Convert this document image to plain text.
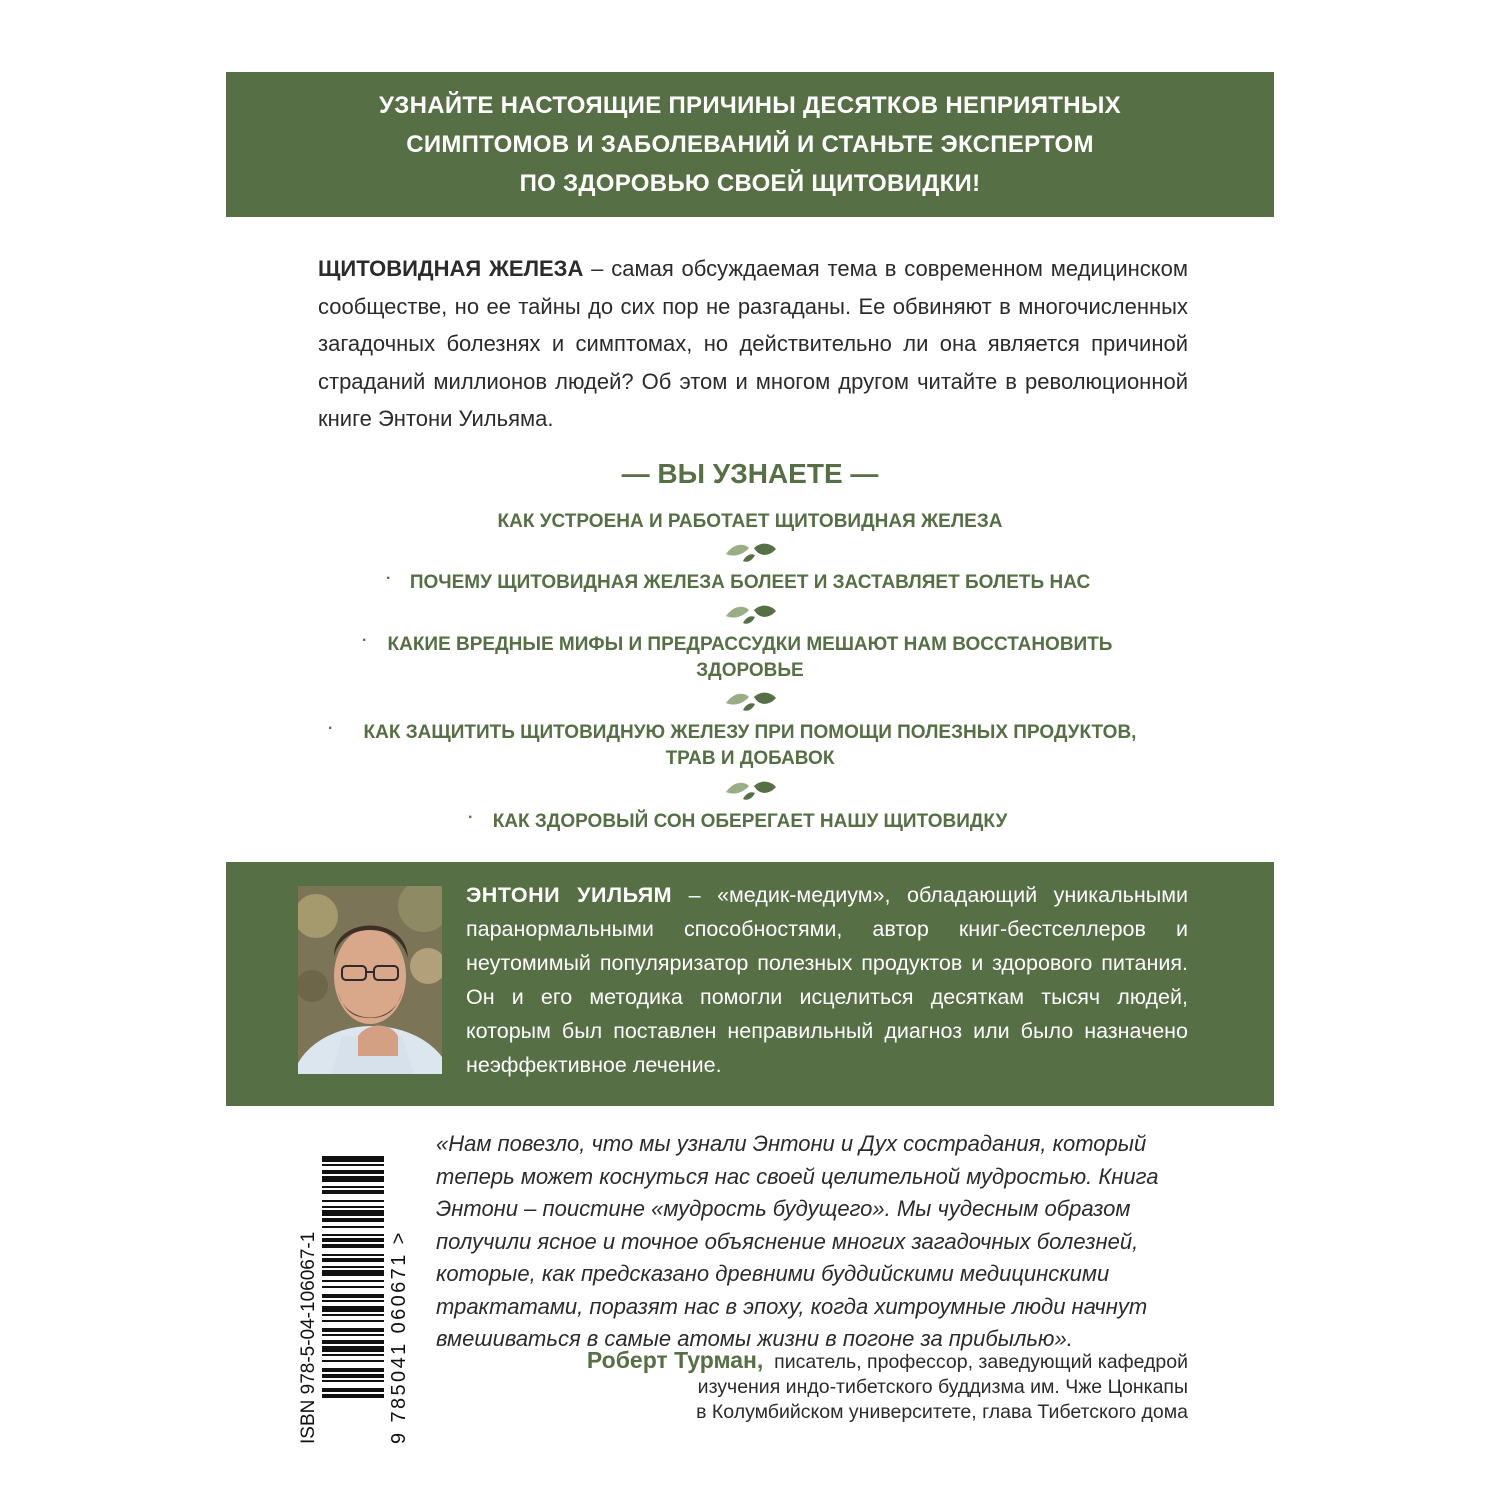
УЗНАЙТЕ НАСТОЯЩИЕ ПРИЧИНЫ ДЕСЯТКОВ НЕПРИЯТНЫХ
СИМПТОМОВ И ЗАБОЛЕВАНИЙ И СТАНЬТЕ ЭКСПЕРТОМ
ПО ЗДОРОВЬЮ СВОЕЙ ЩИТОВИДКИ!
ЩИТОВИДНАЯ ЖЕЛЕЗА – самая обсуждаемая тема в современном медицинском сообществе, но ее тайны до сих пор не разгаданы. Ее обвиняют в многочисленных загадочных болезнях и симптомах, но действительно ли она является причиной страданий миллионов людей? Об этом и многом другом читайте в революционной книге Энтони Уильяма.
— ВЫ УЗНАЕТЕ —
КАК УСТРОЕНА И РАБОТАЕТ ЩИТОВИДНАЯ ЖЕЛЕЗА
· ПОЧЕМУ ЩИТОВИДНАЯ ЖЕЛЕЗА БОЛЕЕТ И ЗАСТАВЛЯЕТ БОЛЕТЬ НАС
·	КАКИЕ ВРЕДНЫЕ МИФЫ И ПРЕДРАССУДКИ МЕШАЮТ НАМ ВОССТАНОВИТЬ
ЗДОРОВЬЕ
·	КАК ЗАЩИТИТЬ ЩИТОВИДНУЮ ЖЕЛЕЗУ ПРИ ПОМОЩИ ПОЛЕЗНЫХ ПРОДУКТОВ,
ТРАВ И ДОБАВОК
·	КАК ЗДОРОВЫЙ СОН ОБЕРЕГАЕТ НАШУ ЩИТОВИДКУ
ЭНТОНИ УИЛЬЯМ – «медик-медиум», обладающий уникальными паранормальными способностями, автор книг-бестселлеров и неутомимый популяризатор полезных продуктов и здорового питания. Он и его методика помогли исцелиться десяткам тысяч людей, которым был поставлен неправильный диагноз или было назначено неэффективное лечение.
ISBN 978-5-04-106067-1	9 785041 060671 >
«Нам повезло, что мы узнали Энтони и Дух сострадания, который теперь может коснуться нас своей целительной мудростью. Книга Энтони – поистине «мудрость будущего». Мы чудесным образом получили ясное и точное объяснение многих загадочных болезней, которые, как предсказано древними буддийскими медицинскими трактатами, поразят нас в эпоху, когда хитроумные люди начнут вмешиваться в самые атомы жизни в погоне за прибылью».
Роберт Турман, писатель, профессор, заведующий кафедрой
изучения индо-тибетского буддизма им. Чже Цонкапы
в Колумбийском университете, глава Тибетского дома
